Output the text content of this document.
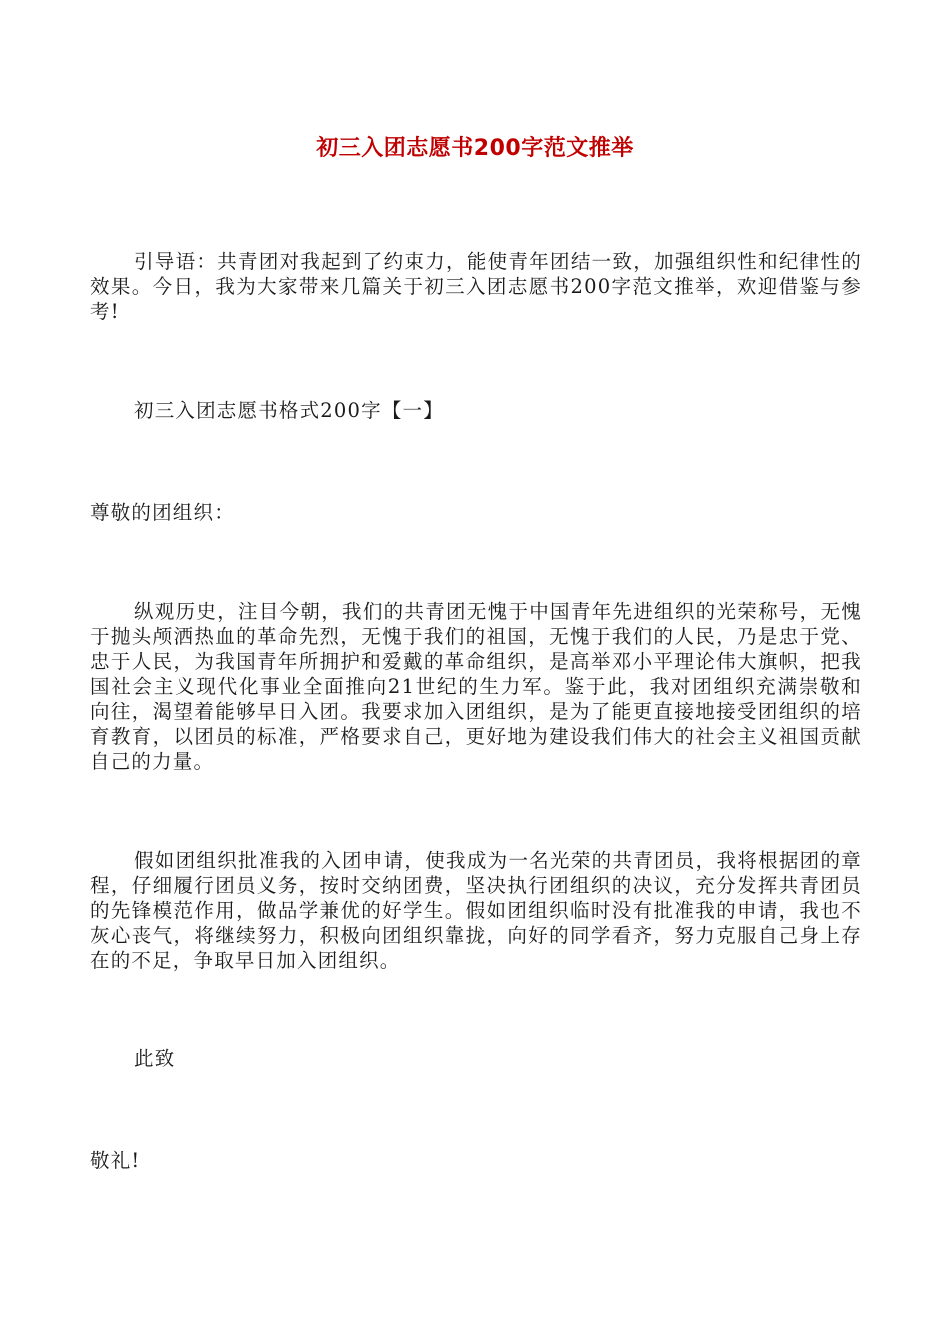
初三入团志愿书200字范文推举

引导语：共青团对我起到了约束力，能使青年团结一致，加强组织性和纪律性的效果。今日，我为大家带来几篇关于初三入团志愿书200字范文推举，欢迎借鉴与参考!

初三入团志愿书格式200字【一】

尊敬的团组织：

纵观历史，注目今朝，我们的共青团无愧于中国青年先进组织的光荣称号，无愧于抛头颅洒热血的革命先烈，无愧于我们的祖国，无愧于我们的人民，乃是忠于党、忠于人民，为我国青年所拥护和爱戴的革命组织，是高举邓小平理论伟大旗帜，把我国社会主义现代化事业全面推向21世纪的生力军。鉴于此，我对团组织充满崇敬和向往，渴望着能够早日入团。我要求加入团组织，是为了能更直接地接受团组织的培育教育，以团员的标准，严格要求自己，更好地为建设我们伟大的社会主义祖国贡献自己的力量。

假如团组织批准我的入团申请，使我成为一名光荣的共青团员，我将根据团的章程，仔细履行团员义务，按时交纳团费，坚决执行团组织的决议，充分发挥共青团员的先锋模范作用，做品学兼优的好学生。假如团组织临时没有批准我的申请，我也不灰心丧气，将继续努力，积极向团组织靠拢，向好的同学看齐，努力克服自己身上存在的不足，争取早日加入团组织。

此致

敬礼!
